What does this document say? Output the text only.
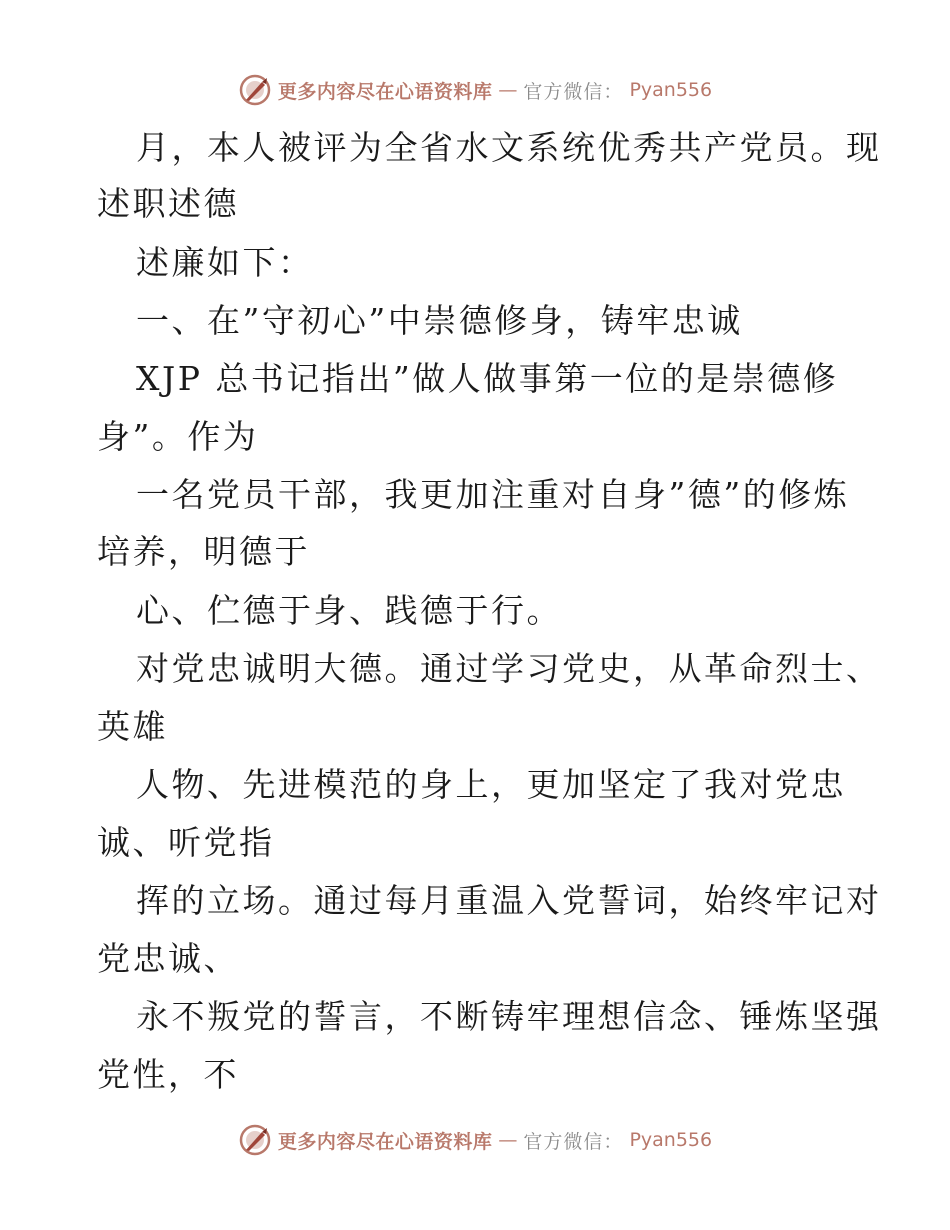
更多内容尽在心语资料库 — 官方微信： Pyan556
月，本人被评为全省水文系统优秀共产党员。现
述职述德
述廉如下：
一、在”守初心”中崇德修身，铸牢忠诚
XJP 总书记指出”做人做事第一位的是崇德修
身”。作为
一名党员干部，我更加注重对自身”德”的修炼
培养，明德于
心、伫德于身、践德于行。
对党忠诚明大德。通过学习党史，从革命烈士、
英雄
人物、先进模范的身上，更加坚定了我对党忠
诚、听党指
挥的立场。通过每月重温入党誓词，始终牢记对
党忠诚、
永不叛党的誓言，不断铸牢理想信念、锤炼坚强
党性，不
更多内容尽在心语资料库 — 官方微信： Pyan556
